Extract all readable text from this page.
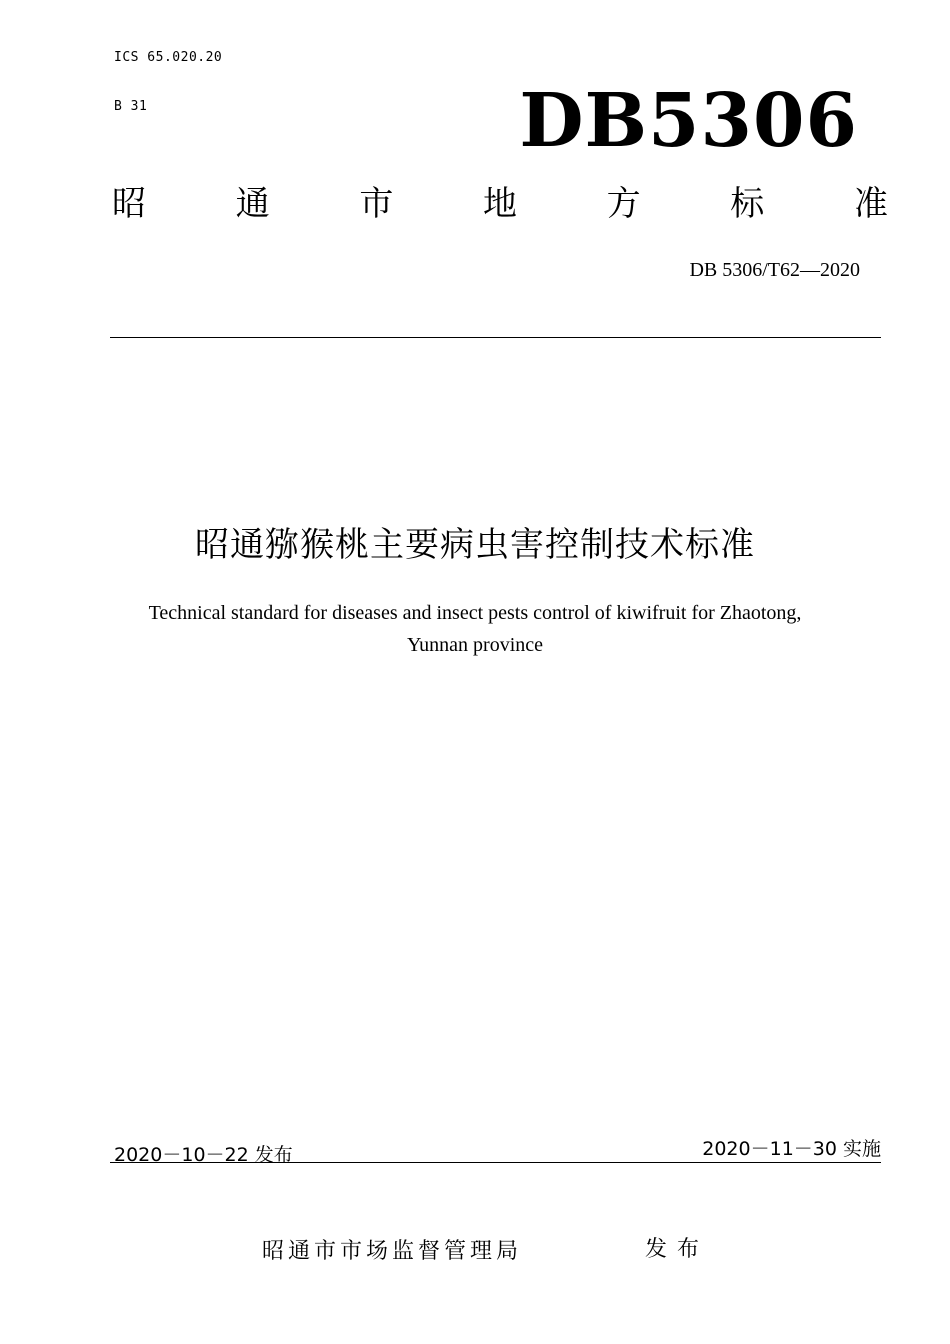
ICS 65.020.20
B 31	DB5306
昭	通	市	地	方	标	准
DB 5306/T62—2020
昭通猕猴桃主要病虫害控制技术标准
Technical standard for diseases and insect pests control of kiwifruit for Zhaotong,
Yunnan province
2020－10－22 发布	2020－11－30 实施
昭通市市场监督管理局	发布
